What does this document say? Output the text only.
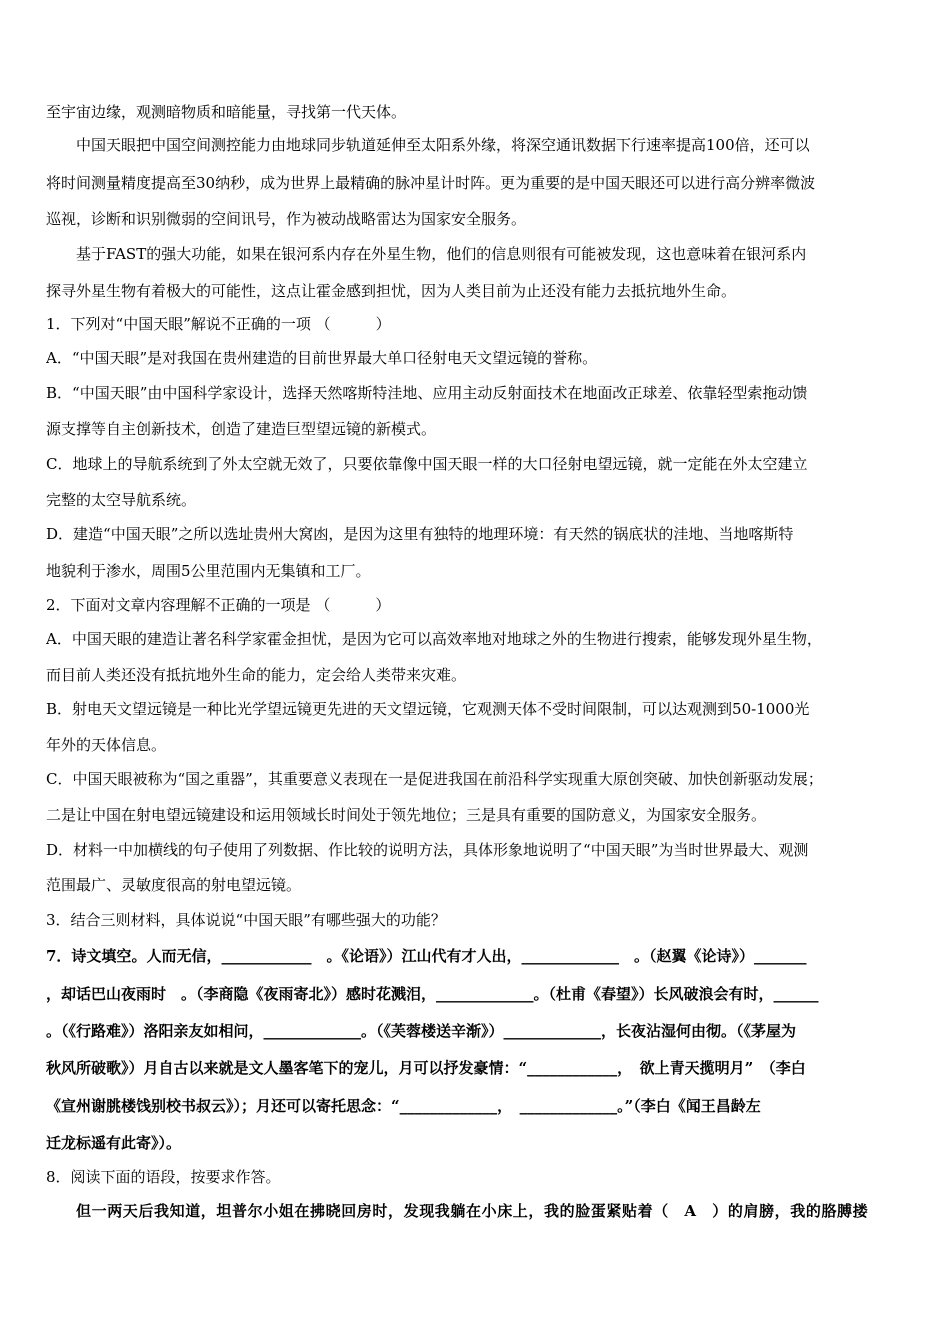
至宇宙边缘，观测暗物质和暗能量，寻找第一代天体。

中国天眼把中国空间测控能力由地球同步轨道延伸至太阳系外缘，将深空通讯数据下行速率提高100倍，还可以

将时间测量精度提高至30纳秒，成为世界上最精确的脉冲星计时阵。更为重要的是中国天眼还可以进行高分辨率微波

巡视，诊断和识别微弱的空间讯号，作为被动战略雷达为国家安全服务。

基于FAST的强大功能，如果在银河系内存在外星生物，他们的信息则很有可能被发现，这也意味着在银河系内

探寻外星生物有着极大的可能性，这点让霍金感到担忧，因为人类目前为止还没有能力去抵抗地外生命。

1．下列对“中国天眼”解说不正确的一项 （　　　）

A．“中国天眼”是对我国在贵州建造的目前世界最大单口径射电天文望远镜的誉称。

B．“中国天眼”由中国科学家设计，选择天然喀斯特洼地、应用主动反射面技术在地面改正球差、依靠轻型索拖动馈

源支撑等自主创新技术，创造了建造巨型望远镜的新模式。

C．地球上的导航系统到了外太空就无效了，只要依靠像中国天眼一样的大口径射电望远镜，就一定能在外太空建立

完整的太空导航系统。

D．建造“中国天眼”之所以选址贵州大窝凼，是因为这里有独特的地理环境：有天然的锅底状的洼地、当地喀斯特

地貌利于渗水，周围5公里范围内无集镇和工厂。

2．下面对文章内容理解不正确的一项是 （　　　）

A．中国天眼的建造让著名科学家霍金担忧，是因为它可以高效率地对地球之外的生物进行搜索，能够发现外星生物，

而目前人类还没有抵抗地外生命的能力，定会给人类带来灾难。

B．射电天文望远镜是一种比光学望远镜更先进的天文望远镜，它观测天体不受时间限制，可以达观测到50-1000光

年外的天体信息。

C．中国天眼被称为“国之重器”，其重要意义表现在一是促进我国在前沿科学实现重大原创突破、加快创新驱动发展；

二是让中国在射电望远镜建设和运用领域长时间处于领先地位；三是具有重要的国防意义，为国家安全服务。

D．材料一中加横线的句子使用了列数据、作比较的说明方法，具体形象地说明了“中国天眼”为当时世界最大、观测

范围最广、灵敏度很高的射电望远镜。

3．结合三则材料，具体说说“中国天眼”有哪些强大的功能？

7．诗文填空。人而无信，____________　。《论语》）江山代有才人出，_____________　。（赵翼《论诗》）_______

，却话巴山夜雨时　。（李商隐《夜雨寄北》）感时花溅泪，_____________。（杜甫《春望》）长风破浪会有时，______

。（《行路难》）洛阳亲友如相问，_____________。（《芙蓉楼送辛渐》）_____________，长夜沾湿何由彻。（《茅屋为

秋风所破歌》）月自古以来就是文人墨客笔下的宠儿，月可以抒发豪情：“____________，　欲上青天揽明月”　（李白

《宣州谢朓楼饯别校书叔云》）；月还可以寄托思念：“_____________，　_____________。”（李白《闻王昌龄左

迁龙标遥有此寄》）。

8．阅读下面的语段，按要求作答。

但一两天后我知道，坦普尔小姐在拂晓回房时，发现我躺在小床上，我的脸蛋紧贴着（　A　）的肩膀，我的胳膊搂
